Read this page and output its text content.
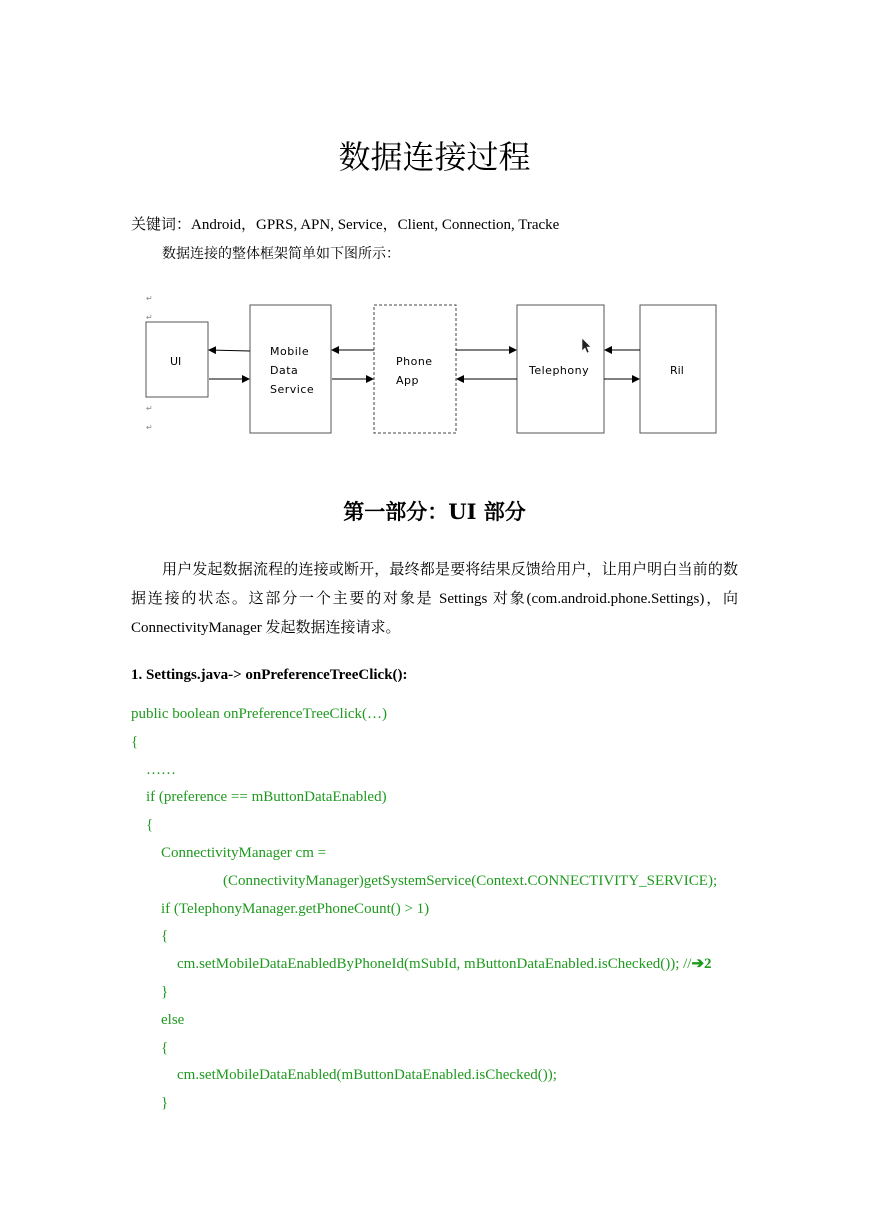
数据连接过程
关键词：Android，GPRS, APN, Service，Client, Connection, Tracke
数据连接的整体框架简单如下图所示：
↵
↵
↵
↵
UI
Mobile
Data
Service
Phone
App
Telephony	Ril
第一部分：UI 部分
用户发起数据流程的连接或断开，最终都是要将结果反馈给用户，让用户明白当前的数
据连接的状态。这部分一个主要的对象是 Settings 对象(com.android.phone.Settings)，向
ConnectivityManager 发起数据连接请求。
1. Settings.java-> onPreferenceTreeClick():
public boolean onPreferenceTreeClick(…)
{
……
if (preference == mButtonDataEnabled)
{
ConnectivityManager cm =
(ConnectivityManager)getSystemService(Context.CONNECTIVITY_SERVICE);
if (TelephonyManager.getPhoneCount() > 1)
{
cm.setMobileDataEnabledByPhoneId(mSubId, mButtonDataEnabled.isChecked()); //➔2
}
else
{
cm.setMobileDataEnabled(mButtonDataEnabled.isChecked());
}
